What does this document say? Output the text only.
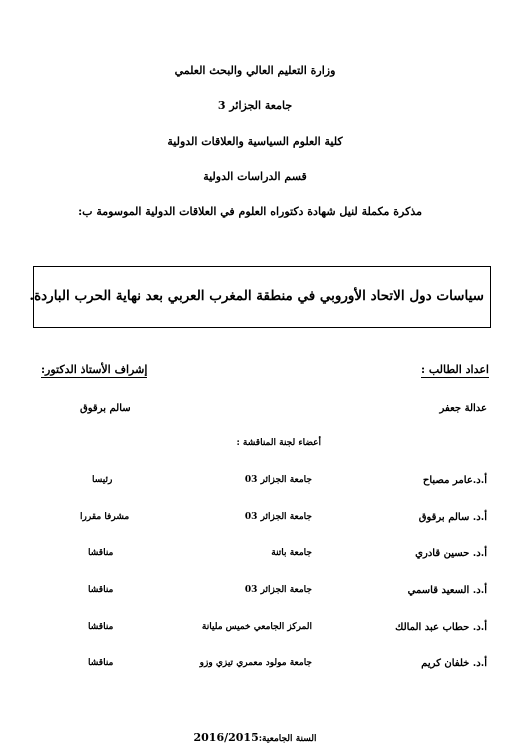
وزارة التعليم العالي والبحث العلمي
جامعة الجزائر 3
كلية العلوم السياسية والعلاقات الدولية
قسم الدراسات الدولية
مذكرة مكملة لنيل شهادة دكتوراه العلوم في العلاقات الدولية الموسومة ب:
سياسات دول الاتحاد الأوروبي في منطقة المغرب العربي بعد نهاية الحرب الباردة.
اعداد الطالب :
إشراف الأستاذ الدكتور:
عدالة جعفر
سالم برقوق
أعضاء لجنة المناقشة :
أ.د.عامر مصباح
جامعة الجزائر 03
رئيسا
أ.د. سالم برقوق
جامعة الجزائر 03
مشرفا مقررا
أ.د. حسين قادري
جامعة باتنة
مناقشا
أ.د. السعيد قاسمي
جامعة الجزائر 03
مناقشا
أ.د. حطاب عبد المالك
المركز الجامعي خميس مليانة
مناقشا
أ.د. خلفان كريم
جامعة مولود معمري تيزي وزو
مناقشا
السنة الجامعية:2016/2015
